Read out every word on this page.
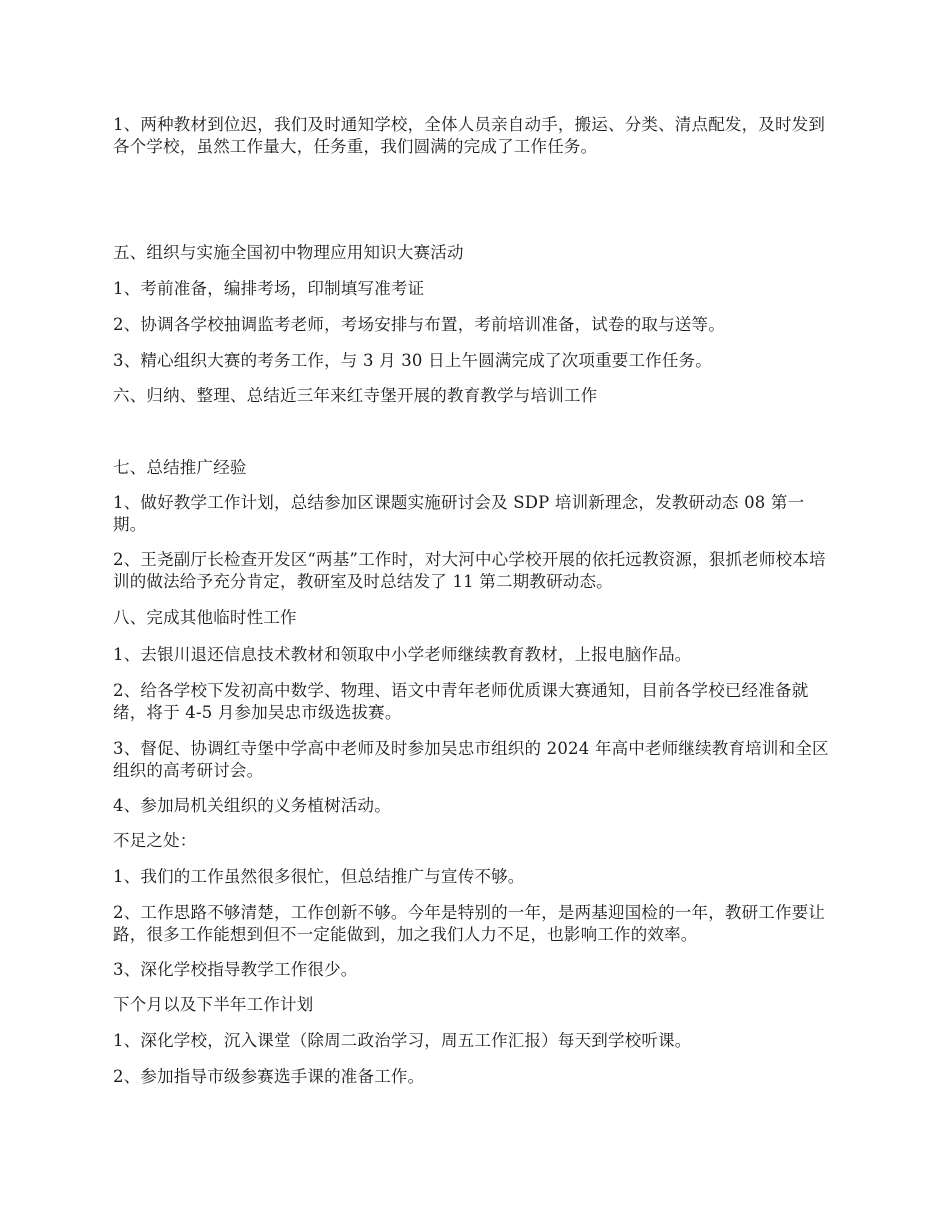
1、两种教材到位迟，我们及时通知学校，全体人员亲自动手，搬运、分类、清点配发，及时发到各个学校，虽然工作量大，任务重，我们圆满的完成了工作任务。

五、组织与实施全国初中物理应用知识大赛活动

1、考前准备，编排考场，印制填写准考证

2、协调各学校抽调监考老师，考场安排与布置，考前培训准备，试卷的取与送等。

3、精心组织大赛的考务工作，与 3 月 30 日上午圆满完成了次项重要工作任务。

六、归纳、整理、总结近三年来红寺堡开展的教育教学与培训工作

七、总结推广经验

1、做好教学工作计划，总结参加区课题实施研讨会及 SDP 培训新理念，发教研动态 08 第一期。

2、王尧副厅长检查开发区“两基”工作时，对大河中心学校开展的依托远教资源，狠抓老师校本培训的做法给予充分肯定，教研室及时总结发了 11 第二期教研动态。

八、完成其他临时性工作

1、去银川退还信息技术教材和领取中小学老师继续教育教材，上报电脑作品。

2、给各学校下发初高中数学、物理、语文中青年老师优质课大赛通知，目前各学校已经准备就绪，将于 4-5 月参加吴忠市级选拔赛。

3、督促、协调红寺堡中学高中老师及时参加吴忠市组织的 2024 年高中老师继续教育培训和全区组织的高考研讨会。

4、参加局机关组织的义务植树活动。

不足之处：

1、我们的工作虽然很多很忙，但总结推广与宣传不够。

2、工作思路不够清楚，工作创新不够。今年是特别的一年，是两基迎国检的一年，教研工作要让路，很多工作能想到但不一定能做到，加之我们人力不足，也影响工作的效率。

3、深化学校指导教学工作很少。

下个月以及下半年工作计划

1、深化学校，沉入课堂（除周二政治学习，周五工作汇报）每天到学校听课。

2、参加指导市级参赛选手课的准备工作。
